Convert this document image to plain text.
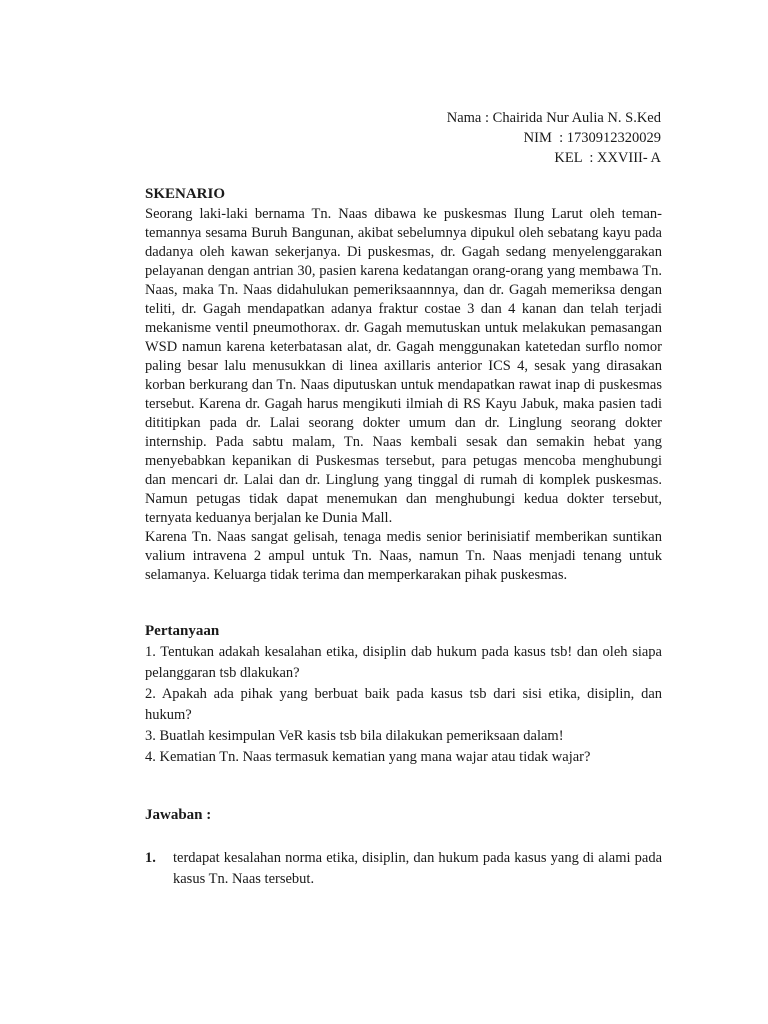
Nama : Chairida Nur Aulia N. S.Ked
NIM  : 1730912320029
KEL  : XXVIII- A
SKENARIO

Seorang laki-laki bernama Tn. Naas dibawa ke puskesmas Ilung Larut oleh teman-temannya sesama Buruh Bangunan, akibat sebelumnya dipukul oleh sebatang kayu pada dadanya oleh kawan sekerjanya. Di puskesmas, dr. Gagah sedang menyelenggarakan pelayanan dengan antrian 30, pasien karena kedatangan orang-orang yang membawa Tn. Naas, maka Tn. Naas didahulukan pemeriksaannnya, dan dr. Gagah memeriksa dengan teliti, dr. Gagah mendapatkan adanya fraktur costae 3 dan 4 kanan dan telah terjadi mekanisme ventil pneumothorax. dr. Gagah memutuskan untuk melakukan pemasangan WSD namun karena keterbatasan alat, dr. Gagah menggunakan katetedan surflo nomor paling besar lalu menusukkan di linea axillaris anterior ICS 4, sesak yang dirasakan korban berkurang dan Tn. Naas diputuskan untuk mendapatkan rawat inap di puskesmas tersebut. Karena dr. Gagah harus mengikuti ilmiah di RS Kayu Jabuk, maka pasien tadi dititipkan pada dr. Lalai seorang dokter umum dan dr. Linglung seorang dokter internship. Pada sabtu malam, Tn. Naas kembali sesak dan semakin hebat yang menyebabkan kepanikan di Puskesmas tersebut, para petugas mencoba menghubungi dan mencari dr. Lalai dan dr. Linglung yang tinggal di rumah di komplek puskesmas. Namun petugas tidak dapat menemukan dan menghubungi kedua dokter tersebut, ternyata keduanya berjalan ke Dunia Mall.

Karena Tn. Naas sangat gelisah, tenaga medis senior berinisiatif memberikan suntikan valium intravena 2 ampul untuk Tn. Naas, namun Tn. Naas menjadi tenang untuk selamanya. Keluarga tidak terima dan memperkarakan pihak puskesmas.

Pertanyaan

1. Tentukan adakah kesalahan etika, disiplin dab hukum pada kasus tsb! dan oleh siapa pelanggaran tsb dlakukan?

2. Apakah ada pihak yang berbuat baik pada kasus tsb dari sisi etika, disiplin, dan hukum?

3. Buatlah kesimpulan VeR kasis tsb bila dilakukan pemeriksaan dalam!

4. Kematian Tn. Naas termasuk kematian yang mana wajar atau tidak wajar?

Jawaban :
1.	terdapat kesalahan norma etika, disiplin, dan hukum pada kasus yang di alami pada kasus Tn. Naas tersebut.
